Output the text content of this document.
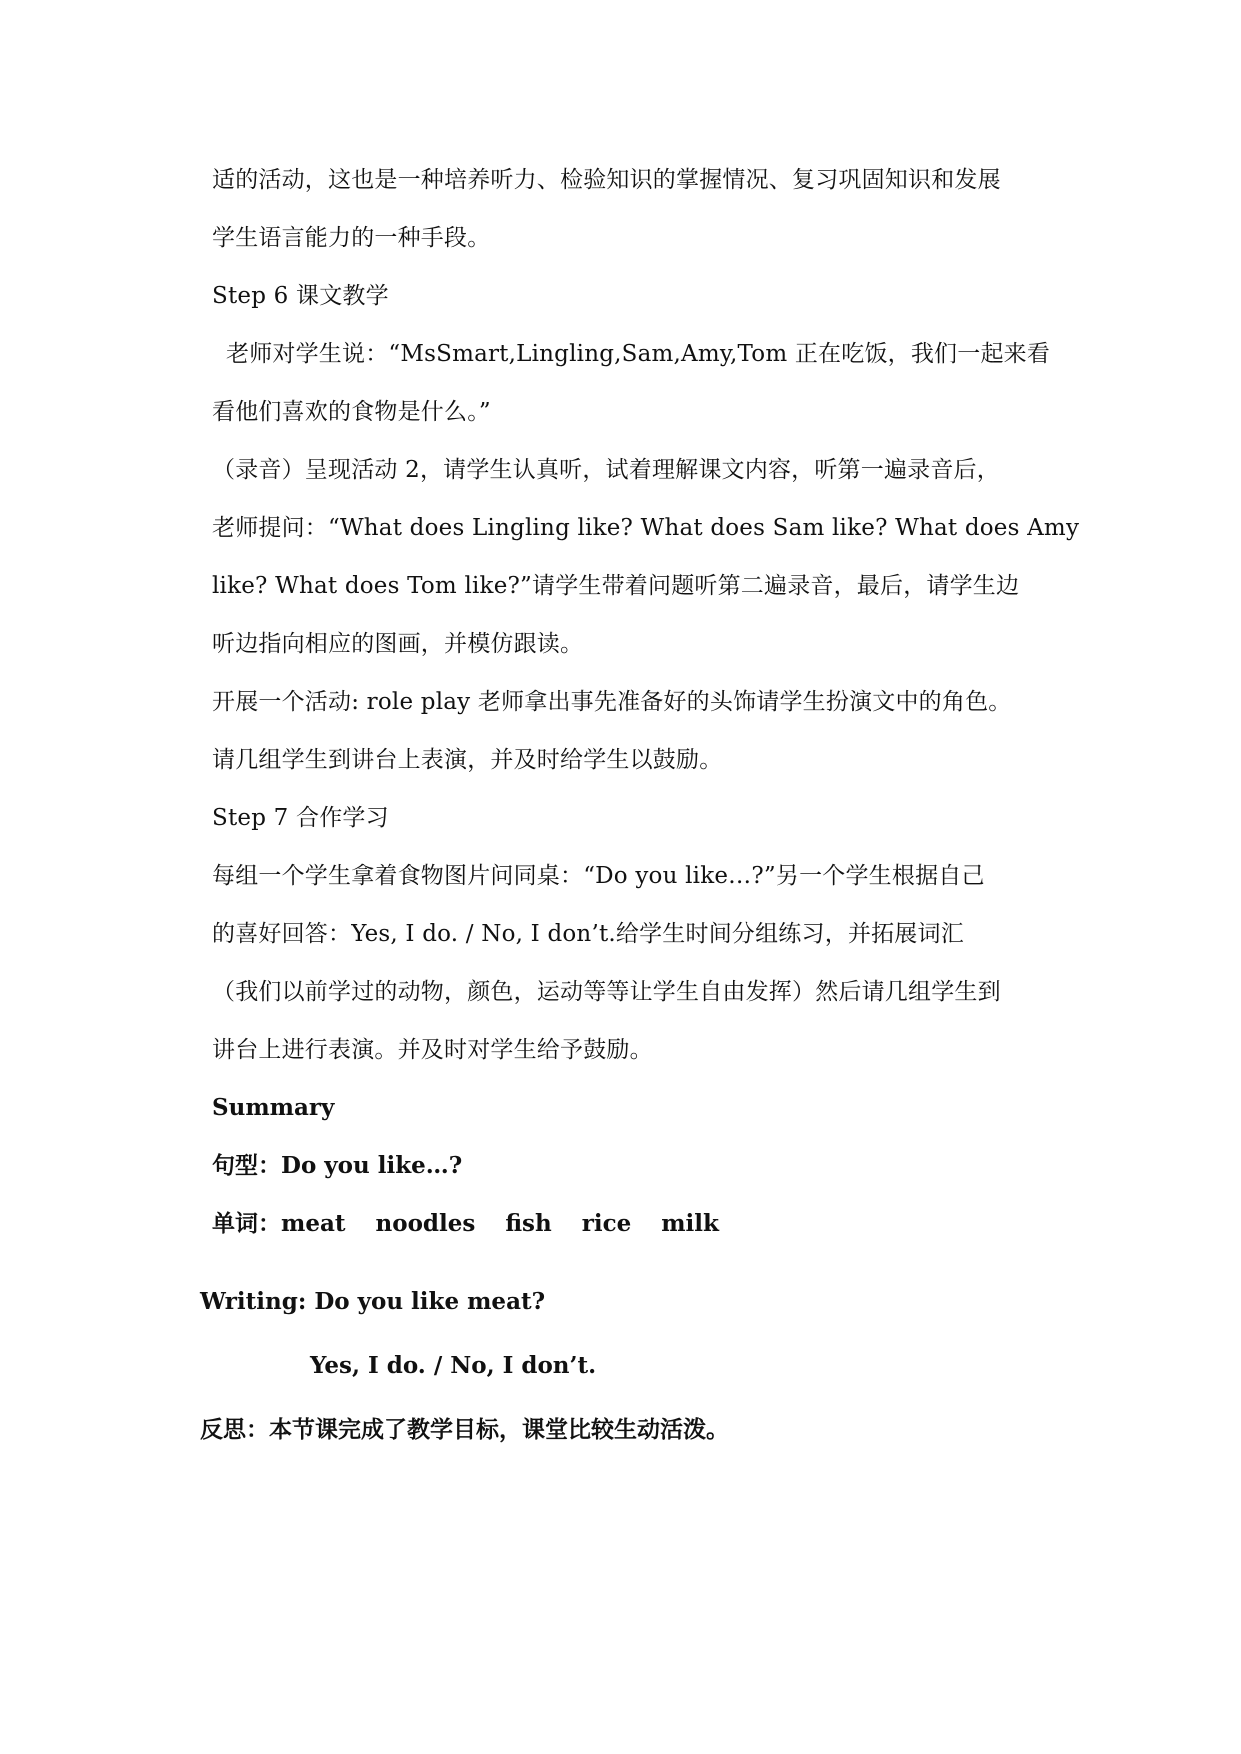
适的活动，这也是一种培养听力、检验知识的掌握情况、复习巩固知识和发展
学生语言能力的一种手段。
Step 6 课文教学
老师对学生说：“MsSmart,Lingling,Sam,Amy,Tom 正在吃饭，我们一起来看
看他们喜欢的食物是什么。”
（录音）呈现活动 2，请学生认真听，试着理解课文内容，听第一遍录音后，
老师提问：“What does Lingling like? What does Sam like? What does Amy
like? What does Tom like?”请学生带着问题听第二遍录音，最后，请学生边
听边指向相应的图画，并模仿跟读。
开展一个活动: role play 老师拿出事先准备好的头饰请学生扮演文中的角色。
请几组学生到讲台上表演，并及时给学生以鼓励。
Step 7 合作学习
每组一个学生拿着食物图片问同桌：“Do you like…?”另一个学生根据自己
的喜好回答：Yes, I do. / No, I don’t.给学生时间分组练习，并拓展词汇
（我们以前学过的动物，颜色，运动等等让学生自由发挥）然后请几组学生到
讲台上进行表演。并及时对学生给予鼓励。
Summary
句型：Do you like…?
单词：meat noodles fish rice milk
Writing: Do you like meat?
Yes, I do. / No, I don’t.
反思：本节课完成了教学目标，课堂比较生动活泼。
